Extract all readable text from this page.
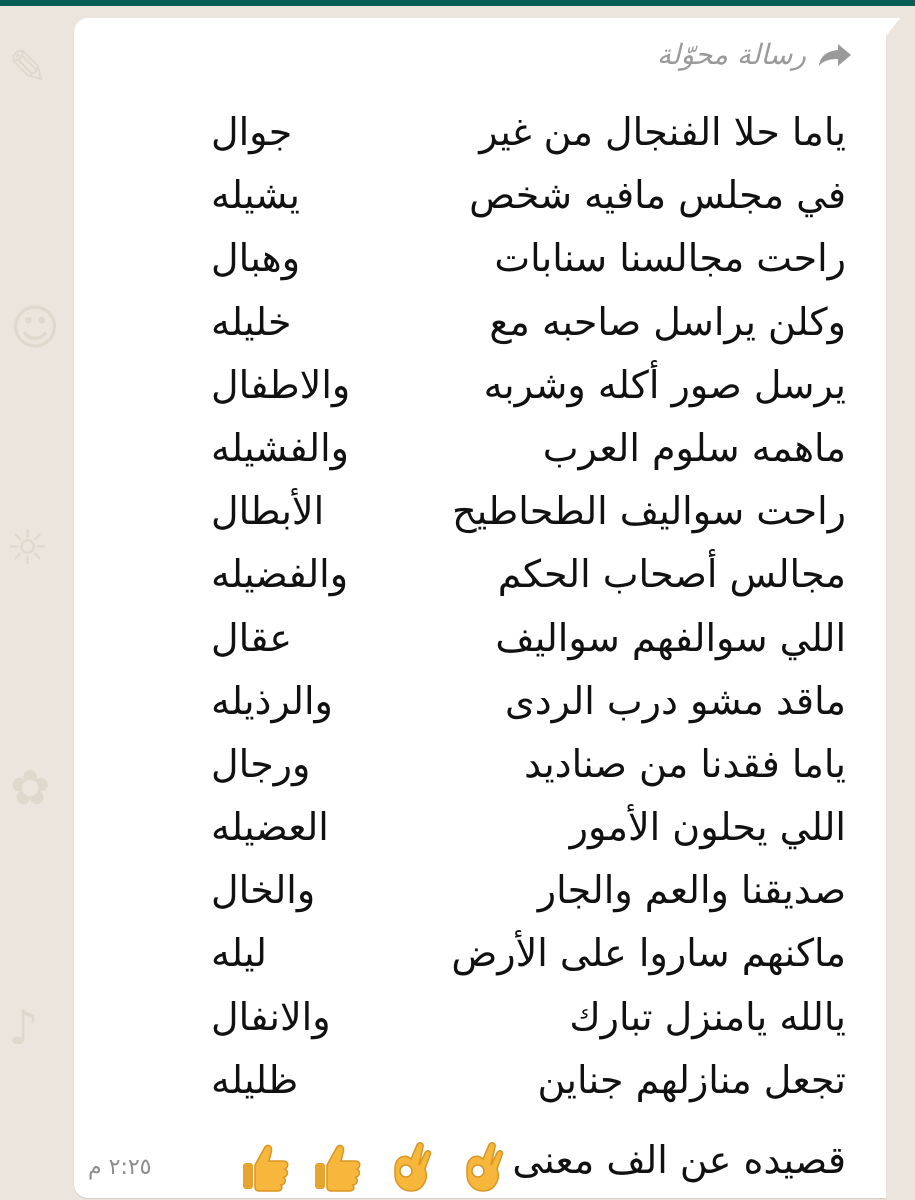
✎
☺
☼
✿
♪
رسالة محوّلة
ياما حلا الفنجال من غير
جوال
في مجلس مافيه شخص
يشيله
راحت مجالسنا سنابات
وهبال
وكلن يراسل صاحبه مع
خليله
يرسل صور أكله وشربه
والاطفال
ماهمه سلوم العرب
والفشيله
راحت سواليف الطحاطيح
الأبطال
مجالس أصحاب الحكم
والفضيله
اللي سوالفهم سواليف
عقال
ماقد مشو درب الردى
والرذيله
ياما فقدنا من صناديد
ورجال
اللي يحلون الأمور
العضيله
صديقنا والعم والجار
والخال
ماكنهم ساروا على الأرض
ليله
يالله يامنزل تبارك
والانفال
تجعل منازلهم جناين
ظليله
قصيده عن الف معنى
٢:٢٥ م
